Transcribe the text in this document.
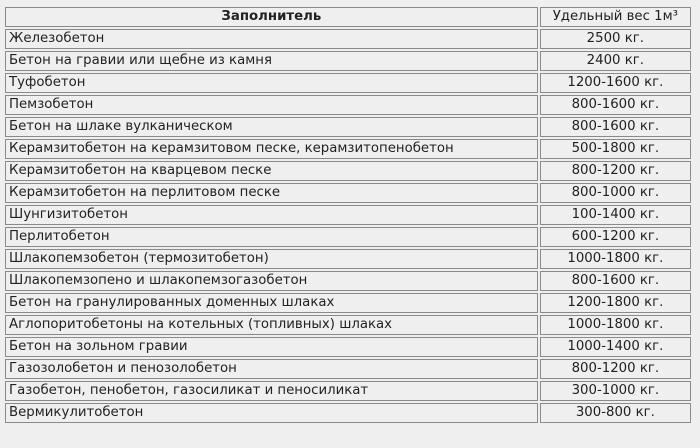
Заполнитель	Удельный вес 1м³
Железобетон	2500 кг.
Бетон на гравии или щебне из камня	2400 кг.
Туфобетон	1200-1600 кг.
Пемзобетон	800-1600 кг.
Бетон на шлаке вулканическом	800-1600 кг.
Керамзитобетон на керамзитовом песке, керамзитопенобетон	500-1800 кг.
Керамзитобетон на кварцевом песке	800-1200 кг.
Керамзитобетон на перлитовом песке	800-1000 кг.
Шунгизитобетон	100-1400 кг.
Перлитобетон	600-1200 кг.
Шлакопемзобетон (термозитобетон)	1000-1800 кг.
Шлакопемзопено и шлакопемзогазобетон	800-1600 кг.
Бетон на гранулированных доменных шлаках	1200-1800 кг.
Аглопоритобетоны на котельных (топливных) шлаках	1000-1800 кг.
Бетон на зольном гравии	1000-1400 кг.
Газозолобетон и пенозолобетон	800-1200 кг.
Газобетон, пенобетон, газосиликат и пеносиликат	300-1000 кг.
Вермикулитобетон	300-800 кг.
